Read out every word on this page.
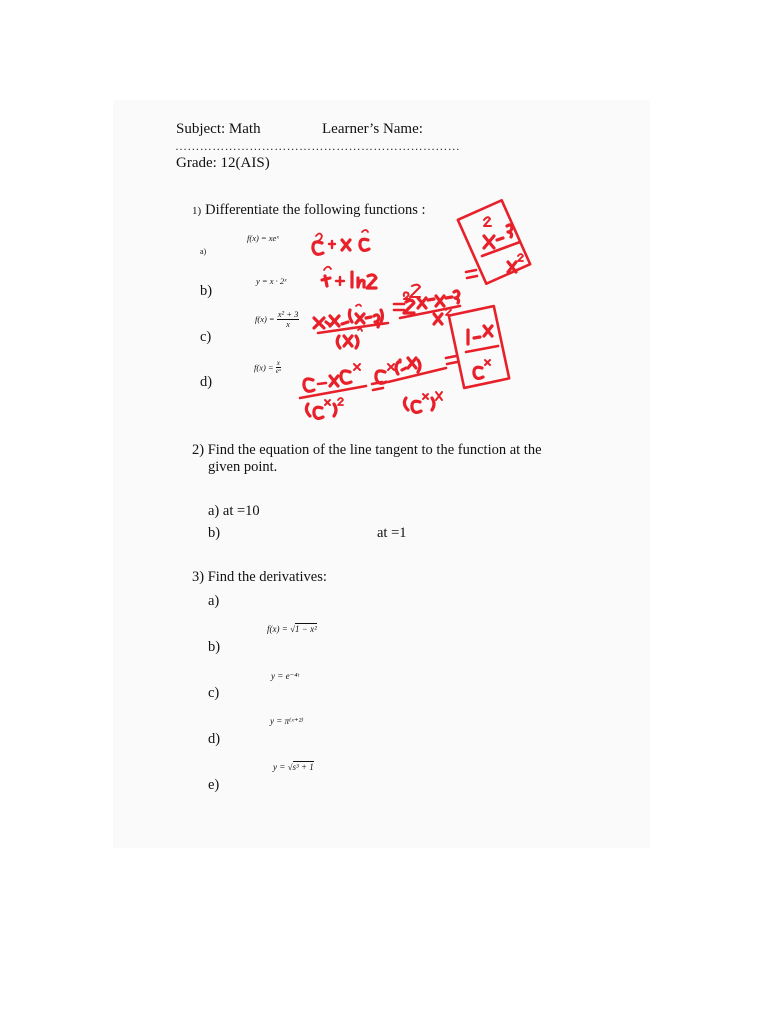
Subject: Math	Learner’s Name:
……………………………………………………………
Grade: 12(AIS)
1) Differentiate the following functions :
f(x) = xeˣ
a)
y = x · 2ˣ
b)
$f(x) = \frac{\text{x² + 3}}{x}$
c)
$f(x) = \frac{x}{\text{eˣ}}$
d)
2) Find the equation of the line tangent to the function at the
given point.
a) at =10
b)	at =1
3) Find the derivatives:
a)
f(x) = √1 − x²
b)
y = e⁻⁴ᵗ
c)
y = π⁽ˣ⁺²⁾
d)
y = √s³ + 1
e)
